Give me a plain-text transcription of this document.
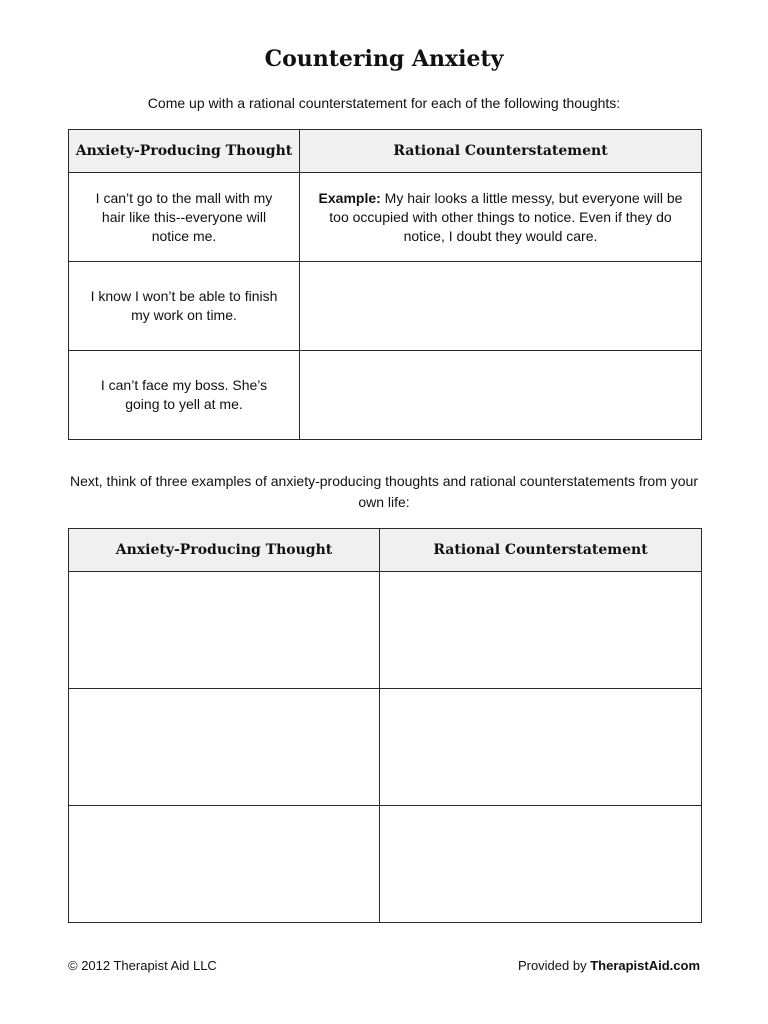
Countering Anxiety
Come up with a rational counterstatement for each of the following thoughts:
Anxiety-Producing Thought	Rational Counterstatement
I can’t go to the mall with my hair like this--everyone will notice me.	Example: My hair looks a little messy, but everyone will be too occupied with other things to notice. Even if they do notice, I doubt they would care.
I know I won’t be able to finish my work on time.	
I can’t face my boss. She’s going to yell at me.	
Next, think of three examples of anxiety-producing thoughts and rational counterstatements from your own life:
Anxiety-Producing Thought	Rational Counterstatement

© 2012 Therapist Aid LLC	Provided by TherapistAid.com
